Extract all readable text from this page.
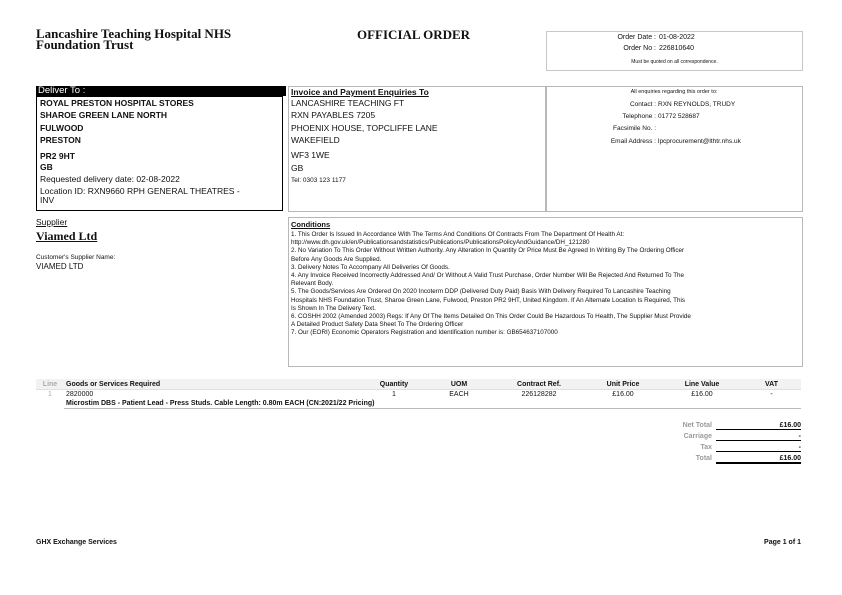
Lancashire Teaching Hospital NHS
Foundation Trust
OFFICIAL ORDER	Order Date : 01-08-2022
Order No : 226810640
Must be quoted on all correspondence.
Deliver To :
ROYAL PRESTON HOSPITAL STORES
SHAROE GREEN LANE NORTH
FULWOOD
PRESTON
PR2 9HT
GB
Requested delivery date: 02-08-2022
Location ID: RXN9660 RPH GENERAL THEATRES -
INV
Invoice and Payment Enquiries To
LANCASHIRE TEACHING FT
RXN PAYABLES 7205
PHOENIX HOUSE, TOPCLIFFE LANE
WAKEFIELD
WF3 1WE
GB
Tel: 0303 123 1177
All enquiries regarding this order to:
Contact : RXN REYNOLDS, TRUDY
Telephone : 01772 528687
Facsimile No. :
Email Address : lpcprocurement@lthtr.nhs.uk
Supplier
Viamed Ltd
Customer's Supplier Name:
VIAMED LTD
Conditions
1. This Order Is Issued In Accordance With The Terms And Conditions Of Contracts From The Department Of Health At:
http://www.dh.gov.uk/en/Publicationsandstatistics/Publications/PublicationsPolicyAndGuidance/DH_121280
2. No Variation To This Order Without Written Authority. Any Alteration In Quantity Or Price Must Be Agreed In Writing By The Ordering Officer
Before Any Goods Are Supplied.
3. Delivery Notes To Accompany All Deliveries Of Goods.
4. Any Invoice Received Incorrectly Addressed And/ Or Without A Valid Trust Purchase, Order Number Will Be Rejected And Returned To The
Relevant Body.
5. The Goods/Services Are Ordered On 2020 Incoterm DDP (Delivered Duty Paid) Basis With Delivery Required To Lancashire Teaching
Hospitals NHS Foundation Trust, Sharoe Green Lane, Fulwood, Preston PR2 9HT, United Kingdom. If An Alternate Location Is Required, This
Is Shown In The Delivery Text.
6. COSHH 2002 (Amended 2003) Regs: If Any Of The Items Detailed On This Order Could Be Hazardous To Health, The Supplier Must Provide
A Detailed Product Safety Data Sheet To The Ordering Officer
7. Our (EORI) Economic Operators Registration and Identification number is: GB654637107000
Line	Goods or Services Required	Quantity	UOM	Contract Ref.	Unit Price	Line Value	VAT
1	2820000	1	EACH	226128282	£16.00	£16.00	-
	Microstim DBS - Patient Lead - Press Studs. Cable Length: 0.80m EACH (CN:2021/22 Pricing)						
Net Total	£16.00
Carriage	-
Tax	-
Total	£16.00
GHX Exchange Services	Page 1 of 1
